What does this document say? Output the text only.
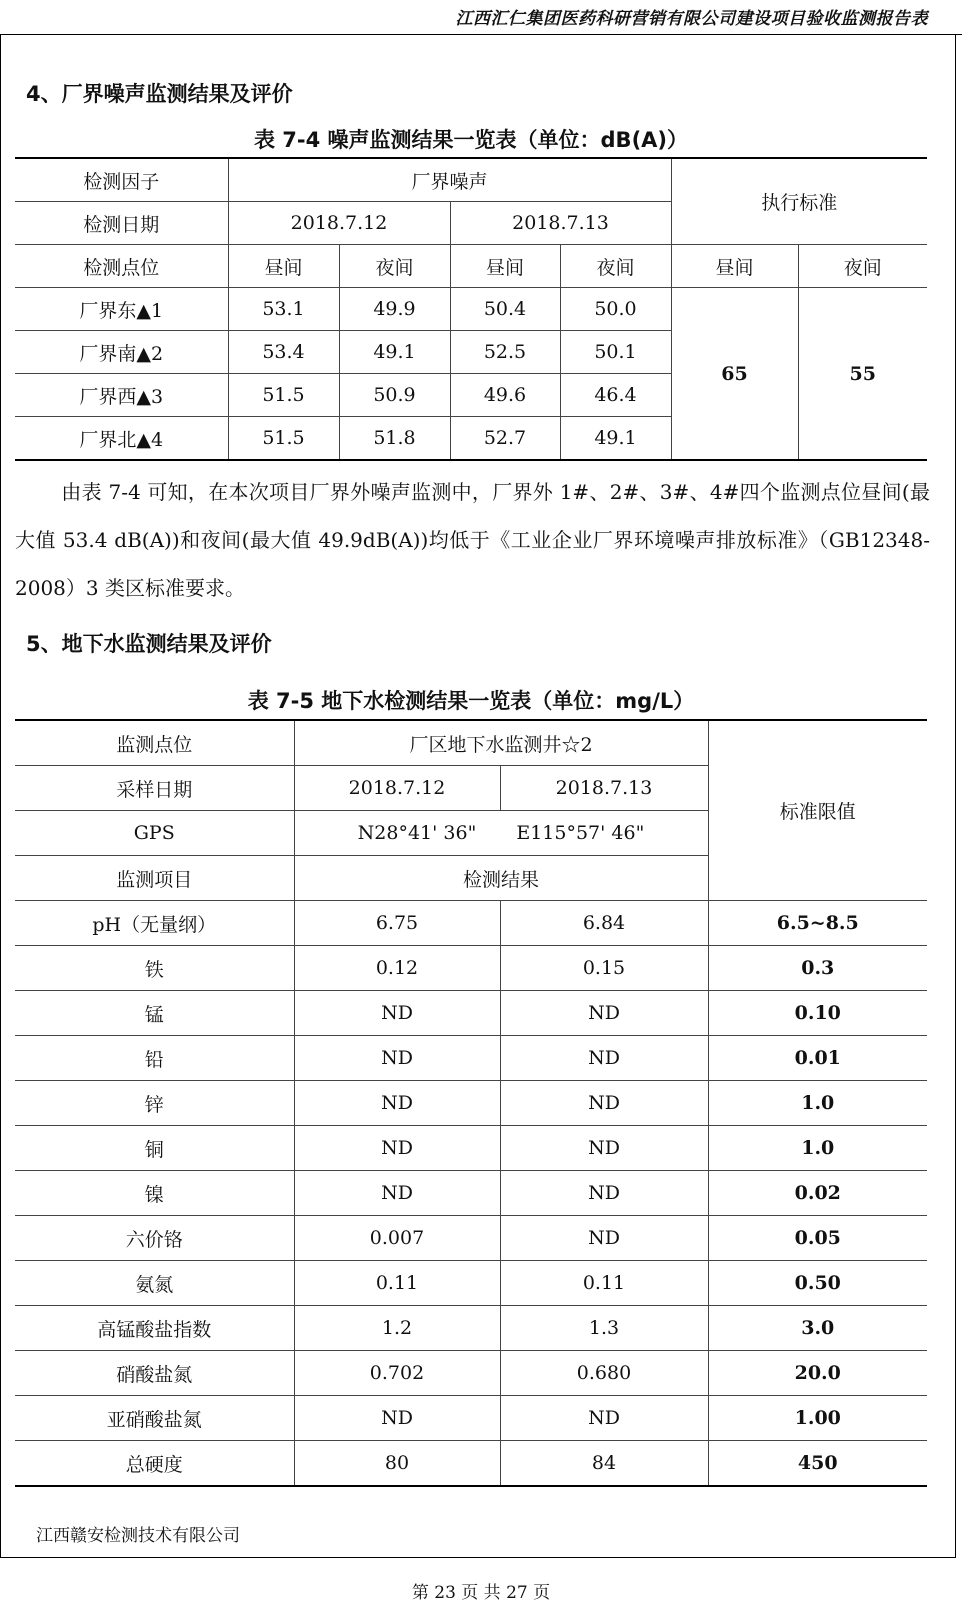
江西汇仁集团医药科研营销有限公司建设项目验收监测报告表
4、厂界噪声监测结果及评价
表 7-4 噪声监测结果一览表（单位：dB(A)）
检测因子	厂界噪声				执行标准	
检测日期	2018.7.12		2018.7.13			
检测点位	昼间	夜间	昼间	夜间	昼间	夜间
厂界东▲1	53.1	49.9	50.4	50.0	65	55
厂界南▲2	53.4	49.1	52.5	50.1		
厂界西▲3	51.5	50.9	49.6	46.4		
厂界北▲4	51.5	51.8	52.7	49.1		
由表 7-4 可知，在本次项目厂界外噪声监测中，厂界外 1#、2#、3#、4#四个监测点位昼间(最大值 53.4 dB(A))和夜间(最大值 49.9dB(A))均低于《工业企业厂界环境噪声排放标准》（GB12348-2008）3 类区标准要求。
5、地下水监测结果及评价
表 7-5 地下水检测结果一览表（单位：mg/L）
监测点位	厂区地下水监测井☆2		标准限值
采样日期	2018.7.12	2018.7.13	
GPS	N28°41' 36" E115°57' 46"		
监测项目	检测结果		
pH（无量纲）	6.75	6.84	6.5~8.5
铁	0.12	0.15	0.3
锰	ND	ND	0.10
铅	ND	ND	0.01
锌	ND	ND	1.0
铜	ND	ND	1.0
镍	ND	ND	0.02
六价铬	0.007	ND	0.05
氨氮	0.11	0.11	0.50
高锰酸盐指数	1.2	1.3	3.0
硝酸盐氮	0.702	0.680	20.0
亚硝酸盐氮	ND	ND	1.00
总硬度	80	84	450
江西赣安检测技术有限公司
第 23 页 共 27 页
